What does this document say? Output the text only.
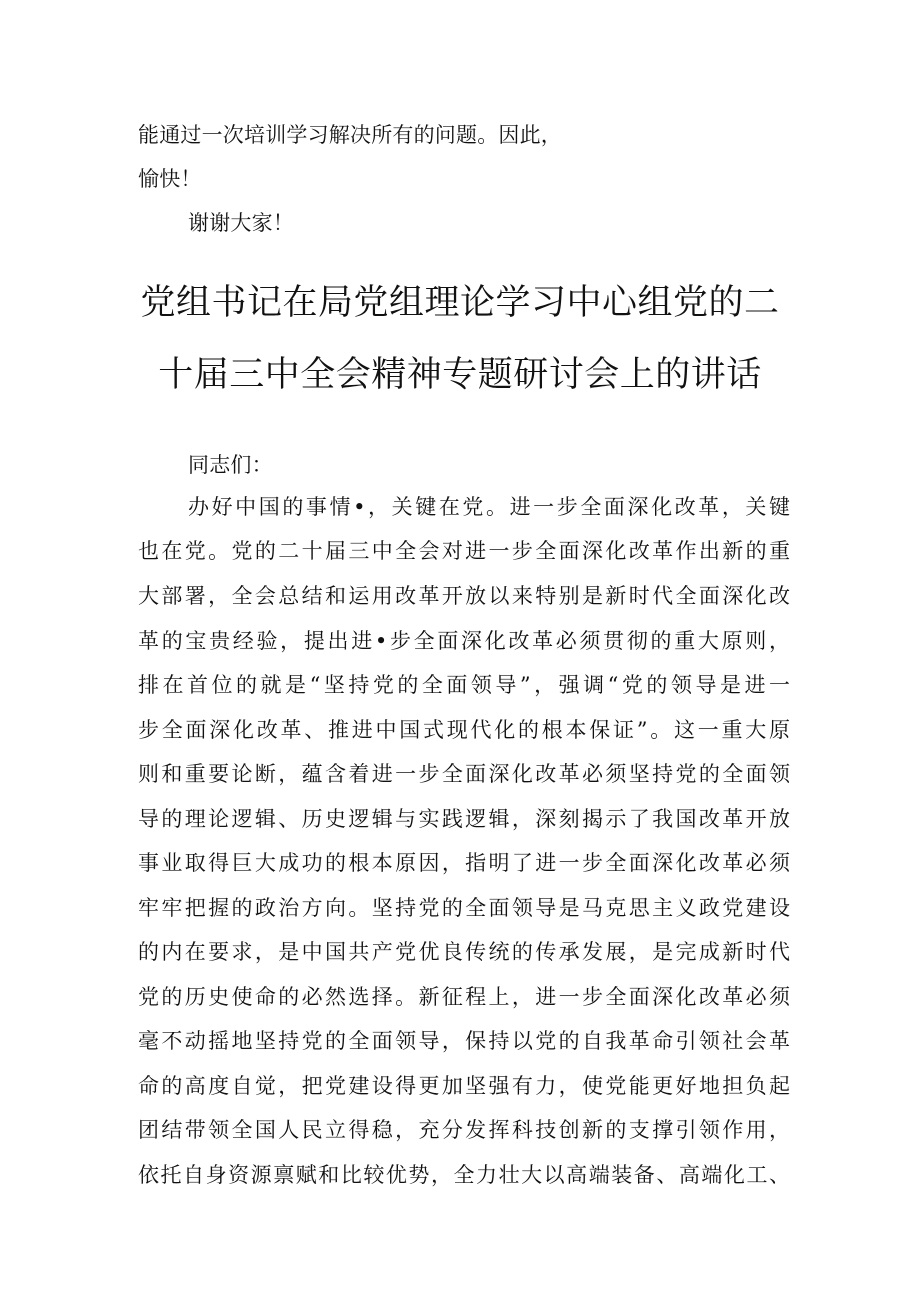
能通过一次培训学习解决所有的问题。因此，

愉快！

谢谢大家！

党组书记在局党组理论学习中心组党的二
十届三中全会精神专题研讨会上的讲话

同志们：

办好中国的事情•，关键在党。进一步全面深化改革，关键

也在党。党的二十届三中全会对进一步全面深化改革作出新的重

大部署，全会总结和运用改革开放以来特别是新时代全面深化改

革的宝贵经验，提出进•步全面深化改革必须贯彻的重大原则，

排在首位的就是“坚持党的全面领导”，强调“党的领导是进一

步全面深化改革、推进中国式现代化的根本保证”。这一重大原

则和重要论断，蕴含着进一步全面深化改革必须坚持党的全面领

导的理论逻辑、历史逻辑与实践逻辑，深刻揭示了我国改革开放

事业取得巨大成功的根本原因，指明了进一步全面深化改革必须

牢牢把握的政治方向。坚持党的全面领导是马克思主义政党建设

的内在要求，是中国共产党优良传统的传承发展，是完成新时代

党的历史使命的必然选择。新征程上，进一步全面深化改革必须

毫不动摇地坚持党的全面领导，保持以党的自我革命引领社会革

命的高度自觉，把党建设得更加坚强有力，使党能更好地担负起

团结带领全国人民立得稳，充分发挥科技创新的支撑引领作用，

依托自身资源禀赋和比较优势，全力壮大以高端装备、高端化工、
